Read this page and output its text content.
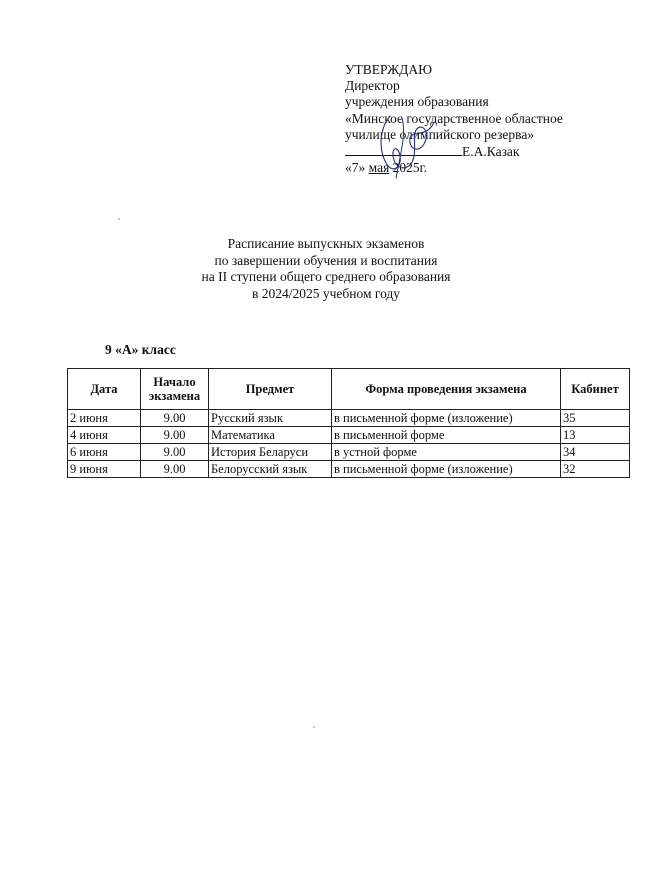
УТВЕРЖДАЮ
Директор
учреждения образования
«Минское государственное областное
училище олимпийского резерва»
Е.А.Казак
«7» мая 2025г.
Расписание выпускных экзаменов
по завершении обучения и воспитания
на II ступени общего среднего образования
в 2024/2025 учебном году
9 «А» класс
Дата	Начало экзамена	Предмет	Форма проведения экзамена	Кабинет
2 июня	9.00	Русский язык	в письменной форме (изложение)	35
4 июня	9.00	Математика	в письменной форме	13
6 июня	9.00	История Беларуси	в устной форме	34
9 июня	9.00	Белорусский язык	в письменной форме (изложение)	32
